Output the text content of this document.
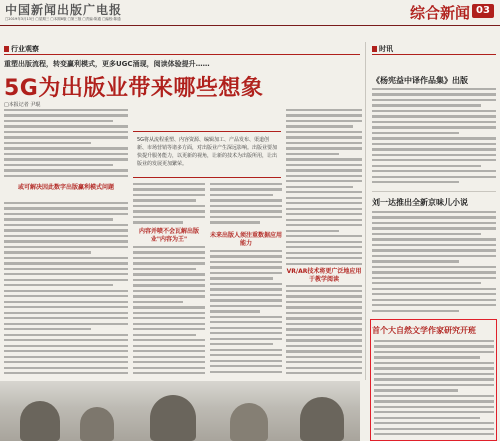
中国新闻出版广电报
□2019年3月13日 □星期三 □本期8版 □第三版 □责编:陈通 □编校:陈通	综合新闻 03
行业观察
重塑出版流程，转变赢利模式，更多UGC涌现，阅读体验提升……
5G为出版业带来哪些想象
□本报记者 尹琨

5G将从流程重塑、内容资源、编辑加工、产品发布、渠道创新、市场营销等诸多方面，对出版业产生深远影响。出版业要加快提升服务能力，以更新的视角，让新的技术为出版所用，让出版业的发展更加繁荣。

或可解决因此数字出版赢利模式问题
内容并喷不会瓦解出版业"内容为王"	未来出版人须注重数据应用能力
VR/AR技术将更广泛地应用于教学阅读
时讯
《杨宪益中译作品集》出版
刘一达推出全新京味儿小说
首个大自然文学作家研究开班
